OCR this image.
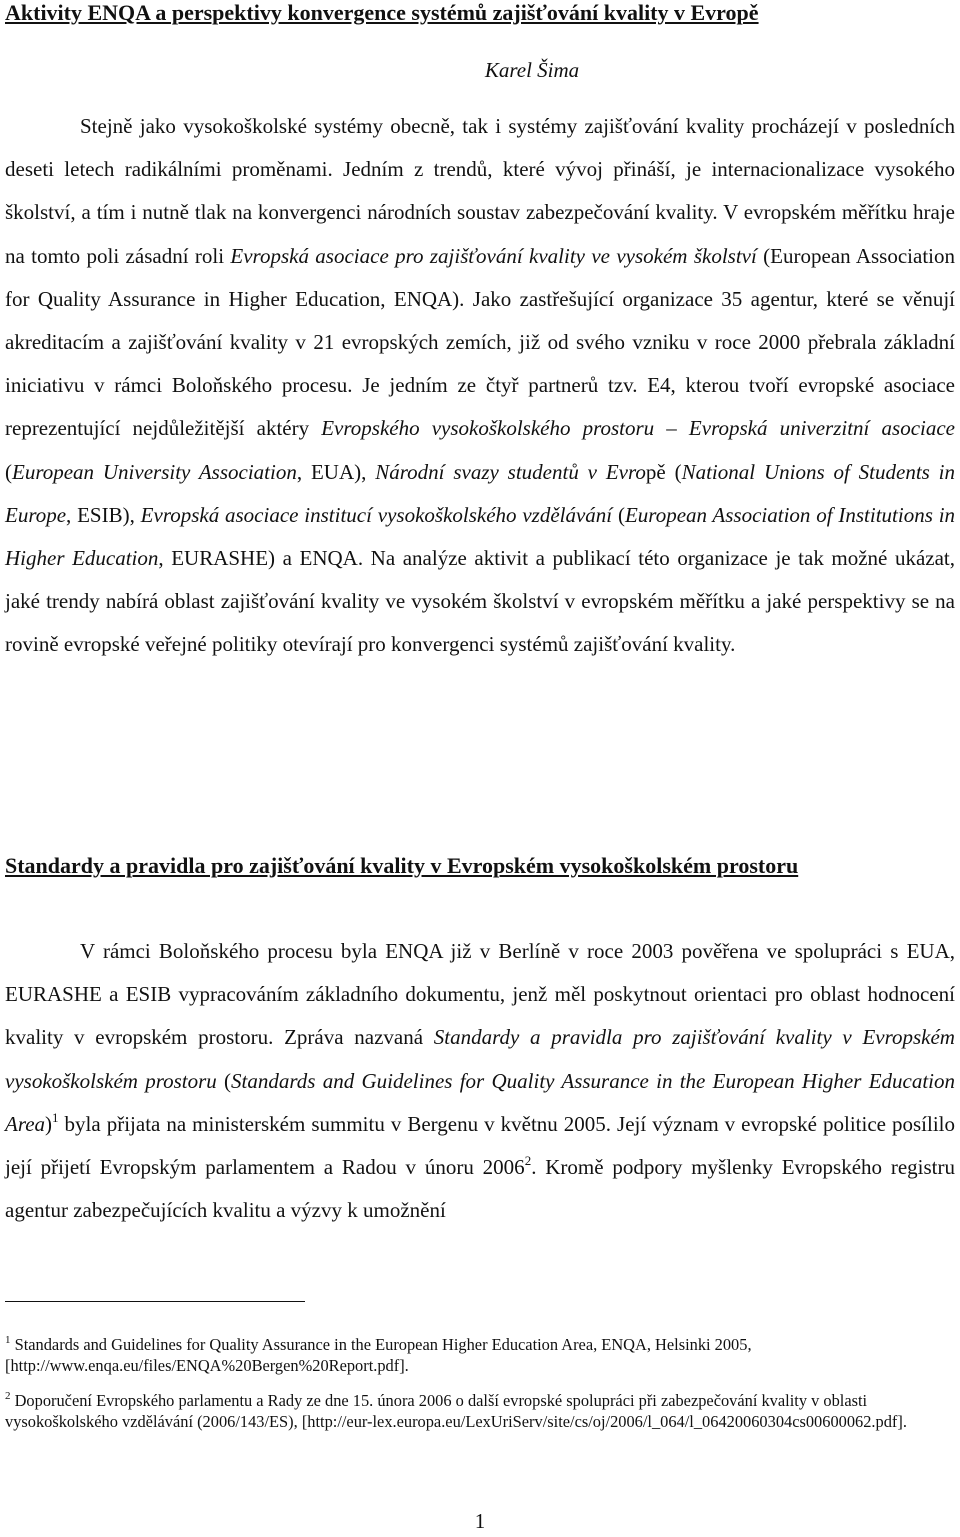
Aktivity ENQA a perspektivy konvergence systémů zajišťování kvality v Evropě
Karel Šima

Stejně jako vysokoškolské systémy obecně, tak i systémy zajišťování kvality procházejí v posledních deseti letech radikálními proměnami. Jedním z trendů, které vývoj přináší, je internacionalizace vysokého školství, a tím i nutně tlak na konvergenci národních soustav zabezpečování kvality. V evropském měřítku hraje na tomto poli zásadní roli Evropská asociace pro zajišťování kvality ve vysokém školství (European Association for Quality Assurance in Higher Education, ENQA). Jako zastřešující organizace 35 agentur, které se věnují akreditacím a zajišťování kvality v 21 evropských zemích, již od svého vzniku v roce 2000 přebrala základní iniciativu v rámci Boloňského procesu. Je jedním ze čtyř partnerů tzv. E4, kterou tvoří evropské asociace reprezentující nejdůležitější aktéry Evropského vysokoškolského prostoru – Evropská univerzitní asociace (European University Association, EUA), Národní svazy studentů v Evropě (National Unions of Students in Europe, ESIB), Evropská asociace institucí vysokoškolského vzdělávání (European Association of Institutions in Higher Education, EURASHE) a ENQA. Na analýze aktivit a publikací této organizace je tak možné ukázat, jaké trendy nabírá oblast zajišťování kvality ve vysokém školství v evropském měřítku a jaké perspektivy se na rovině evropské veřejné politiky otevírají pro konvergenci systémů zajišťování kvality.

Standardy a pravidla pro zajišťování kvality v Evropském vysokoškolském prostoru

V rámci Boloňského procesu byla ENQA již v Berlíně v roce 2003 pověřena ve spolupráci s EUA, EURASHE a ESIB vypracováním základního dokumentu, jenž měl poskytnout orientaci pro oblast hodnocení kvality v evropském prostoru. Zpráva nazvaná Standardy a pravidla pro zajišťování kvality v Evropském vysokoškolském prostoru (Standards and Guidelines for Quality Assurance in the European Higher Education Area)$^1$ byla přijata na ministerském summitu v Bergenu v květnu 2005. Její význam v evropské politice posílilo její přijetí Evropským parlamentem a Radou v únoru 2006$^2$. Kromě podpory myšlenky Evropského registru agentur zabezpečujících kvalitu a výzvy k umožnění

$^1$ Standards and Guidelines for Quality Assurance in the European Higher Education Area, ENQA, Helsinki 2005, [http://www.enqa.eu/files/ENQA%20Bergen%20Report.pdf].
$^2$ Doporučení Evropského parlamentu a Rady ze dne 15. února 2006 o další evropské spolupráci při zabezpečování kvality v oblasti vysokoškolského vzdělávání (2006/143/ES), [http://eur-lex.europa.eu/LexUriServ/site/cs/oj/2006/l_064/l_06420060304cs00600062.pdf].
1
